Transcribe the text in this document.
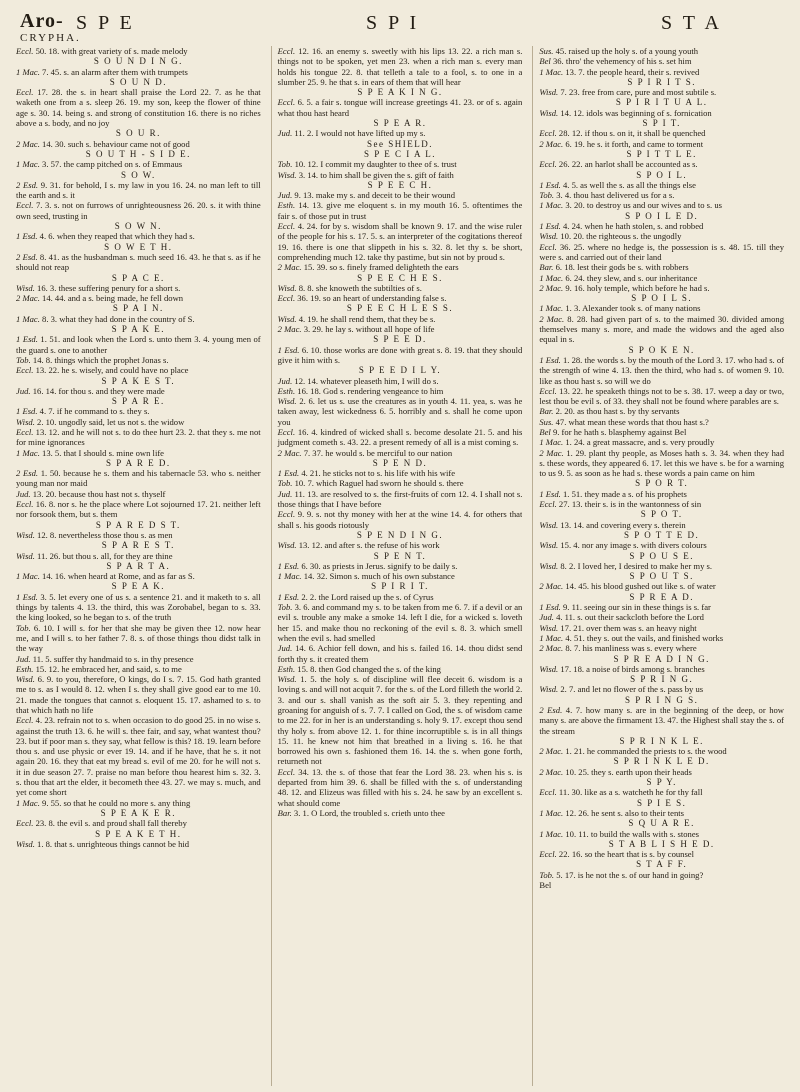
Aro-
CRYPHA.
S P E	S P I	S T A

Eccl. 50. 18. with great variety of s. made melody

S O U N D I N G.

1 Mac. 7. 45. s. an alarm after them with trumpets

S O U N D.

Eccl. 17. 28. the s. in heart shall praise the Lord 22. 7. as he that waketh one from a s. sleep 26. 19. my son, keep the flower of thine age s. 30. 14. being s. and strong of constitution 16. there is no riches above a s. body, and no joy

S O U R.

2 Mac. 14. 30. such s. behaviour came not of good

S O U T H - S I D E.

1 Mac. 3. 57. the camp pitched on s. of Emmaus

S O W.

2 Esd. 9. 31. for behold, I s. my law in you 16. 24. no man left to till the earth and s. it

Eccl. 7. 3. s. not on furrows of unrighteousness 26. 20. s. it with thine own seed, trusting in

S O W N.

1 Esd. 4. 6. when they reaped that which they had s.

S O W E T H.

2 Esd. 8. 41. as the husbandman s. much seed 16. 43. he that s. as if he should not reap

S P A C E.

Wisd. 16. 3. these suffering penury for a short s.

2 Mac. 14. 44. and a s. being made, he fell down

S P A I N.

1 Mac. 8. 3. what they had done in the country of S.

S P A K E.

1 Esd. 1. 51. and look when the Lord s. unto them 3. 4. young men of the guard s. one to another

Tob. 14. 8. things which the prophet Jonas s.

Eccl. 13. 22. he s. wisely, and could have no place

S P A K E S T.

Jud. 16. 14. for thou s. and they were made

S P A R E.

1 Esd. 4. 7. if he command to s. they s.

Wisd. 2. 10. ungodly said, let us not s. the widow

Eccl. 13. 12. and he will not s. to do thee hurt 23. 2. that they s. me not for mine ignorances

1 Mac. 13. 5. that I should s. mine own life

S P A R E D.

2 Esd. 1. 50. because he s. them and his tabernacle 53. who s. neither young man nor maid

Jud. 13. 20. because thou hast not s. thyself

Eccl. 16. 8. nor s. he the place where Lot sojourned 17. 21. neither left nor forsook them, but s. them

S P A R E D S T.

Wisd. 12. 8. nevertheless those thou s. as men

S P A R E S T.

Wisd. 11. 26. but thou s. all, for they are thine

S P A R T A.

1 Mac. 14. 16. when heard at Rome, and as far as S.

S P E A K.

1 Esd. 3. 5. let every one of us s. a sentence 21. and it maketh to s. all things by talents 4. 13. the third, this was Zorobabel, began to s. 33. the king looked, so he began to s. of the truth

Tob. 6. 10. I will s. for her that she may be given thee 12. now hear me, and I will s. to her father 7. 8. s. of those things thou didst talk in the way

Jud. 11. 5. suffer thy handmaid to s. in thy presence

Esth. 15. 12. he embraced her, and said, s. to me

Wisd. 6. 9. to you, therefore, O kings, do I s. 7. 15. God hath granted me to s. as I would 8. 12. when I s. they shall give good ear to me 10. 21. made the tongues that cannot s. eloquent 15. 17. ashamed to s. to that which hath no life

Eccl. 4. 23. refrain not to s. when occasion to do good 25. in no wise s. against the truth 13. 6. he will s. thee fair, and say, what wantest thou? 23. but if poor man s. they say, what fellow is this? 18. 19. learn before thou s. and use physic or ever 19. 14. and if he have, that he s. it not again 20. 16. they that eat my bread s. evil of me 20. for he will not s. it in due season 27. 7. praise no man before thou hearest him s. 32. 3. s. thou that art the elder, it becometh thee 43. 27. we may s. much, and yet come short

1 Mac. 9. 55. so that he could no more s. any thing

S P E A K E R.

Eccl. 23. 8. the evil s. and proud shall fall thereby

S P E A K E T H.

Wisd. 1. 8. that s. unrighteous things cannot be hid

Eccl. 12. 16. an enemy s. sweetly with his lips 13. 22. a rich man s. things not to be spoken, yet men 23. when a rich man s. every man holds his tongue 22. 8. that telleth a tale to a fool, s. to one in a slumber 25. 9. he that s. in ears of them that will hear

S P E A K I N G.

Eccl. 6. 5. a fair s. tongue will increase greetings 41. 23. or of s. again what thou hast heard

S P E A R.

Jud. 11. 2. I would not have lifted up my s.

See SHIELD.

S P E C I A L.

Tob. 10. 12. I commit my daughter to thee of s. trust

Wisd. 3. 14. to him shall be given the s. gift of faith

S P E E C H.

Jud. 9. 13. make my s. and deceit to be their wound

Esth. 14. 13. give me eloquent s. in my mouth 16. 5. oftentimes the fair s. of those put in trust

Eccl. 4. 24. for by s. wisdom shall be known 9. 17. and the wise ruler of the people for his s. 17. 5. s. an interpreter of the cogitations thereof 19. 16. there is one that slippeth in his s. 32. 8. let thy s. be short, comprehending much 12. take thy pastime, but sin not by proud s.

2 Mac. 15. 39. so s. finely framed delighteth the ears

S P E E C H E S.

Wisd. 8. 8. she knoweth the subtilties of s.

Eccl. 36. 19. so an heart of understanding false s.

S P E E C H L E S S.

Wisd. 4. 19. he shall rend them, that they be s.

2 Mac. 3. 29. he lay s. without all hope of life

S P E E D.

1 Esd. 6. 10. those works are done with great s. 8. 19. that they should give it him with s.

S P E E D I L Y.

Jud. 12. 14. whatever pleaseth him, I will do s.

Esth. 16. 18. God s. rendering vengeance to him

Wisd. 2. 6. let us s. use the creatures as in youth 4. 11. yea, s. was he taken away, lest wickedness 6. 5. horribly and s. shall he come upon you

Eccl. 16. 4. kindred of wicked shall s. become desolate 21. 5. and his judgment cometh s. 43. 22. a present remedy of all is a mist coming s.

2 Mac. 7. 37. he would s. be merciful to our nation

S P E N D.

1 Esd. 4. 21. he sticks not to s. his life with his wife

Tob. 10. 7. which Raguel had sworn he should s. there

Jud. 11. 13. are resolved to s. the first-fruits of corn 12. 4. I shall not s. those things that I have before

Eccl. 9. 9. s. not thy money with her at the wine 14. 4. for others that shall s. his goods riotously

S P E N D I N G.

Wisd. 13. 12. and after s. the refuse of his work

S P E N T.

1 Esd. 6. 30. as priests in Jerus. signify to be daily s.

1 Mac. 14. 32. Simon s. much of his own substance

S P I R I T.

1 Esd. 2. 2. the Lord raised up the s. of Cyrus

Tob. 3. 6. and command my s. to be taken from me 6. 7. if a devil or an evil s. trouble any make a smoke 14. left I die, for a wicked s. loveth her 15. and make thou no reckoning of the evil s. 8. 3. which smell when the evil s. had smelled

Jud. 14. 6. Achior fell down, and his s. failed 16. 14. thou didst send forth thy s. it created them

Esth. 15. 8. then God changed the s. of the king

Wisd. 1. 5. the holy s. of discipline will flee deceit 6. wisdom is a loving s. and will not acquit 7. for the s. of the Lord filleth the world 2. 3. and our s. shall vanish as the soft air 5. 3. they repenting and groaning for anguish of s. 7. 7. I called on God, the s. of wisdom came to me 22. for in her is an understanding s. holy 9. 17. except thou send thy holy s. from above 12. 1. for thine incorruptible s. is in all things 15. 11. he knew not him that breathed in a living s. 16. he that borrowed his own s. fashioned them 16. 14. the s. when gone forth, returneth not

Eccl. 34. 13. the s. of those that fear the Lord 38. 23. when his s. is departed from him 39. 6. shall be filled with the s. of understanding 48. 12. and Elizeus was filled with his s. 24. he saw by an excellent s. what should come

Bar. 3. 1. O Lord, the troubled s. crieth unto thee

Sus. 45. raised up the holy s. of a young youth

Bel 36. thro' the vehemency of his s. set him

1 Mac. 13. 7. the people heard, their s. revived

S P I R I T S.

Wisd. 7. 23. free from care, pure and most subtile s.

S P I R I T U A L.

Wisd. 14. 12. idols was beginning of s. fornication

S P I T.

Eccl. 28. 12. if thou s. on it, it shall be quenched

2 Mac. 6. 19. he s. it forth, and came to torment

S P I T T L E.

Eccl. 26. 22. an harlot shall be accounted as s.

S P O I L.

1 Esd. 4. 5. as well the s. as all the things else

Tob. 3. 4. thou hast delivered us for a s.

1 Mac. 3. 20. to destroy us and our wives and to s. us

S P O I L E D.

1 Esd. 4. 24. when he hath stolen, s. and robbed

Wisd. 10. 20. the righteous s. the ungodly

Eccl. 36. 25. where no hedge is, the possession is s. 48. 15. till they were s. and carried out of their land

Bar. 6. 18. lest their gods be s. with robbers

1 Mac. 6. 24. they slew, and s. our inheritance

2 Mac. 9. 16. holy temple, which before he had s.

S P O I L S.

1 Mac. 1. 3. Alexander took s. of many nations

2 Mac. 8. 28. had given part of s. to the maimed 30. divided among themselves many s. more, and made the widows and the aged also equal in s.

S P O K E N.

1 Esd. 1. 28. the words s. by the mouth of the Lord 3. 17. who had s. of the strength of wine 4. 13. then the third, who had s. of women 9. 10. like as thou hast s. so will we do

Eccl. 13. 22. he speaketh things not to be s. 38. 17. weep a day or two, lest thou be evil s. of 33. they shall not be found where parables are s.

Bar. 2. 20. as thou hast s. by thy servants

Sus. 47. what mean these words that thou hast s.?

Bel 9. for he hath s. blasphemy against Bel

1 Mac. 1. 24. a great massacre, and s. very proudly

2 Mac. 1. 29. plant thy people, as Moses hath s. 3. 34. when they had s. these words, they appeared 6. 17. let this we have s. be for a warning to us 9. 5. as soon as he had s. these words a pain came on him

S P O R T.

1 Esd. 1. 51. they made a s. of his prophets

Eccl. 27. 13. their s. is in the wantonness of sin

S P O T.

Wisd. 13. 14. and covering every s. therein

S P O T T E D.

Wisd. 15. 4. nor any image s. with divers colours

S P O U S E.

Wisd. 8. 2. I loved her, I desired to make her my s.

S P O U T S.

2 Mac. 14. 45. his blood gushed out like s. of water

S P R E A D.

1 Esd. 9. 11. seeing our sin in these things is s. far

Jud. 4. 11. s. out their sackcloth before the Lord

Wisd. 17. 21. over them was s. an heavy night

1 Mac. 4. 51. they s. out the vails, and finished works

2 Mac. 8. 7. his manliness was s. every where

S P R E A D I N G.

Wisd. 17. 18. a noise of birds among s. branches

S P R I N G.

Wisd. 2. 7. and let no flower of the s. pass by us

S P R I N G S.

2 Esd. 4. 7. how many s. are in the beginning of the deep, or how many s. are above the firmament 13. 47. the Highest shall stay the s. of the stream

S P R I N K L E.

2 Mac. 1. 21. he commanded the priests to s. the wood

S P R I N K L E D.

2 Mac. 10. 25. they s. earth upon their heads

S P Y.

Eccl. 11. 30. like as a s. watcheth he for thy fall

S P I E S.

1 Mac. 12. 26. he sent s. also to their tents

S Q U A R E.

1 Mac. 10. 11. to build the walls with s. stones

S T A B L I S H E D.

Eccl. 22. 16. so the heart that is s. by counsel

S T A F F.

Tob. 5. 17. is he not the s. of our hand in going?

Bel
